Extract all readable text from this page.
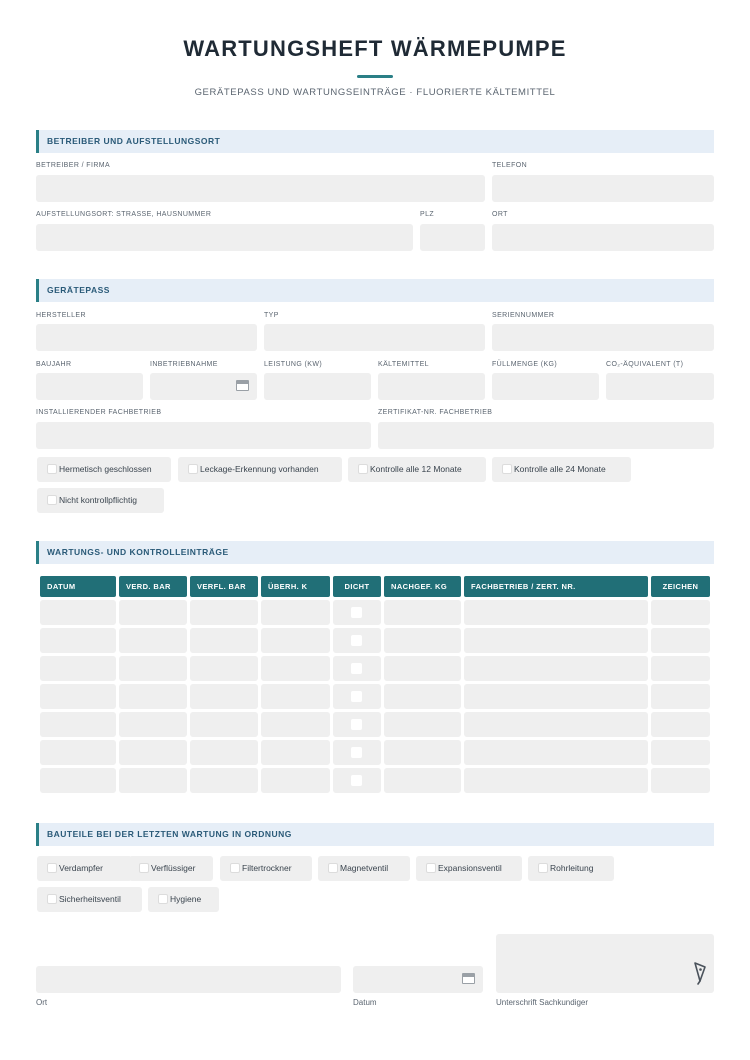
WARTUNGSHEFT WÄRMEPUMPE
GERÄTEPASS UND WARTUNGSEINTRÄGE · FLUORIERTE KÄLTEMITTEL
BETREIBER UND AUFSTELLUNGSORT
BETREIBER / FIRMA	TELEFON
AUFSTELLUNGSORT: STRASSE, HAUSNUMMER	PLZ	ORT
GERÄTEPASS
HERSTELLER	TYP	SERIENNUMMER
BAUJAHR	INBETRIEBNAHME	LEISTUNG (KW)	KÄLTEMITTEL	FÜLLMENGE (KG)	CO₂-ÄQUIVALENT (T)
INSTALLIERENDER FACHBETRIEB	ZERTIFIKAT-NR. FACHBETRIEB
Hermetisch geschlossen	Leckage-Erkennung vorhanden	Kontrolle alle 12 Monate	Kontrolle alle 24 Monate
Nicht kontrollpflichtig
WARTUNGS- UND KONTROLLEINTRÄGE
DATUM	VERD. BAR	VERFL. BAR	ÜBERH. K	DICHT	NACHGEF. KG	FACHBETRIEB / ZERT. NR.	ZEICHEN
BAUTEILE BEI DER LETZTEN WARTUNG IN ORDNUNG
Verdampfer	Verflüssiger	Filtertrockner	Magnetventil	Expansionsventil	Rohrleitung
Sicherheitsventil	Hygiene
Ort	Datum	Unterschrift Sachkundiger
